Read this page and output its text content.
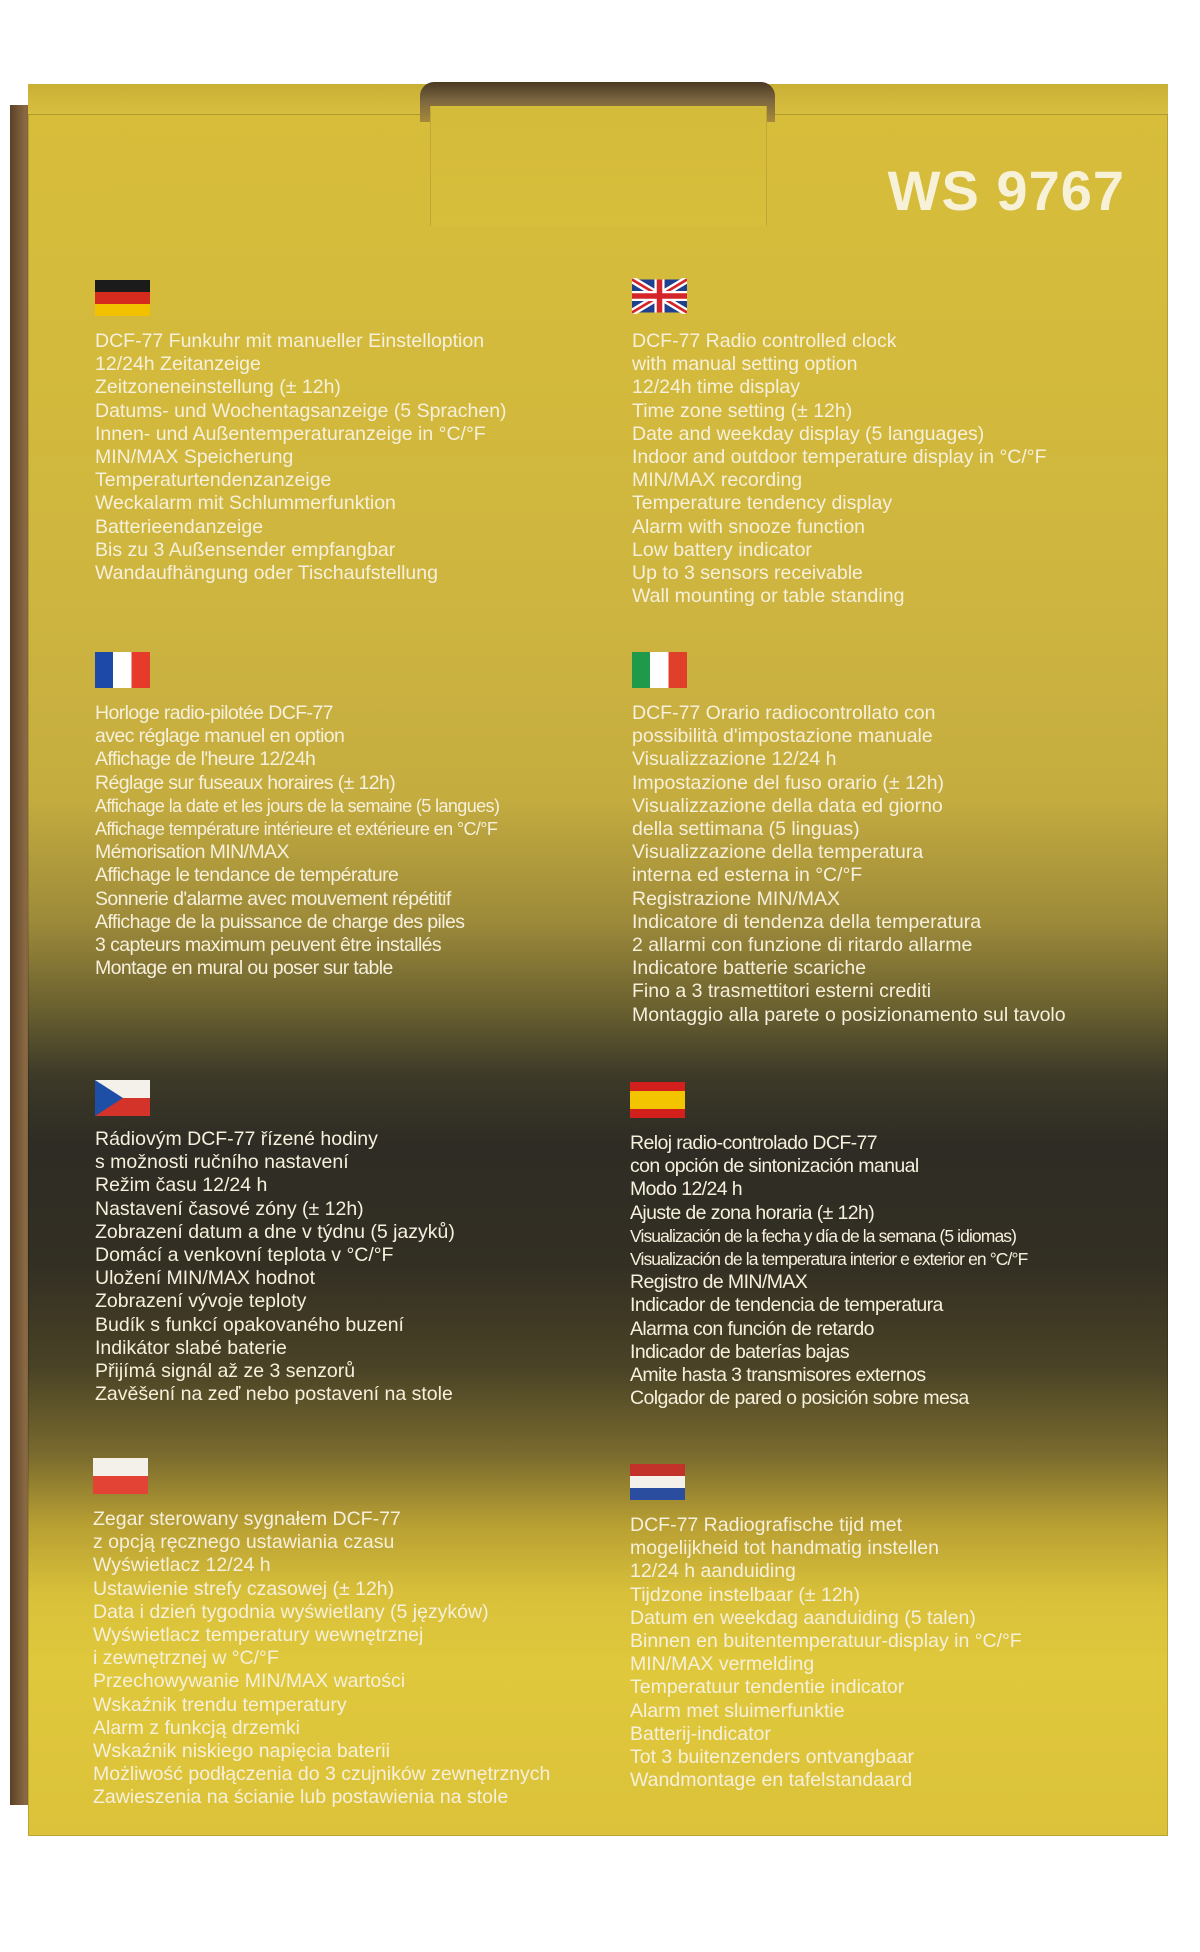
WS 9767
DCF-77 Funkuhr mit manueller Einstelloption
12/24h Zeitanzeige
Zeitzoneneinstellung (± 12h)
Datums- und Wochentagsanzeige (5 Sprachen)
Innen- und Außentemperaturanzeige in °C/°F
MIN/MAX Speicherung
Temperaturtendenzanzeige
Weckalarm mit Schlummerfunktion
Batterieendanzeige
Bis zu 3 Außensender empfangbar
Wandaufhängung oder Tischaufstellung
DCF-77 Radio controlled clock
with manual setting option
12/24h time display
Time zone setting (± 12h)
Date and weekday display (5 languages)
Indoor and outdoor temperature display in °C/°F
MIN/MAX recording
Temperature tendency display
Alarm with snooze function
Low battery indicator
Up to 3 sensors receivable
Wall mounting or table standing
Horloge radio-pilotée DCF-77
avec réglage manuel en option
Affichage de l'heure 12/24h
Réglage sur fuseaux horaires (± 12h)
Affichage la date et les jours de la semaine (5 langues)
Affichage température intérieure et extérieure en °C/°F
Mémorisation MIN/MAX
Affichage le tendance de température
Sonnerie d'alarme avec mouvement répétitif
Affichage de la puissance de charge des piles
3 capteurs maximum peuvent être installés
Montage en mural ou poser sur table
DCF-77 Orario radiocontrollato con
possibilità d'impostazione manuale
Visualizzazione 12/24 h
Impostazione del fuso orario (± 12h)
Visualizzazione della data ed giorno
della settimana (5 linguas)
Visualizzazione della temperatura
interna ed esterna in °C/°F
Registrazione MIN/MAX
Indicatore di tendenza della temperatura
2 allarmi con funzione di ritardo allarme
Indicatore batterie scariche
Fino a 3 trasmettitori esterni crediti
Montaggio alla parete o posizionamento sul tavolo
Rádiovým DCF-77 řízené hodiny
s možnosti ručního nastavení
Režim času 12/24 h
Nastavení časové zóny (± 12h)
Zobrazení datum a dne v týdnu (5 jazyků)
Domácí a venkovní teplota v °C/°F
Uložení MIN/MAX hodnot
Zobrazení vývoje teploty
Budík s funkcí opakovaného buzení
Indikátor slabé baterie
Přijímá signál až ze 3 senzorů
Zavěšení na zeď nebo postavení na stole
Reloj radio-controlado DCF-77
con opción de sintonización manual
Modo 12/24 h
Ajuste de zona horaria (± 12h)
Visualización de la fecha y día de la semana (5 idiomas)
Visualización de la temperatura interior e exterior en °C/°F
Registro de MIN/MAX
Indicador de tendencia de temperatura
Alarma con función de retardo
Indicador de baterías bajas
Amite hasta 3 transmisores externos
Colgador de pared o posición sobre mesa
Zegar sterowany sygnałem DCF-77
z opcją ręcznego ustawiania czasu
Wyświetlacz 12/24 h
Ustawienie strefy czasowej (± 12h)
Data i dzień tygodnia wyświetlany (5 języków)
Wyświetlacz temperatury wewnętrznej
i zewnętrznej w °C/°F
Przechowywanie MIN/MAX wartości
Wskaźnik trendu temperatury
Alarm z funkcją drzemki
Wskaźnik niskiego napięcia baterii
Możliwość podłączenia do 3 czujników zewnętrznych
Zawieszenia na ścianie lub postawienia na stole
DCF-77 Radiografische tijd met
mogelijkheid tot handmatig instellen
12/24 h aanduiding
Tijdzone instelbaar (± 12h)
Datum en weekdag aanduiding (5 talen)
Binnen en buitentemperatuur-display in °C/°F
MIN/MAX vermelding
Temperatuur tendentie indicator
Alarm met sluimerfunktie
Batterij-indicator
Tot 3 buitenzenders ontvangbaar
Wandmontage en tafelstandaard
